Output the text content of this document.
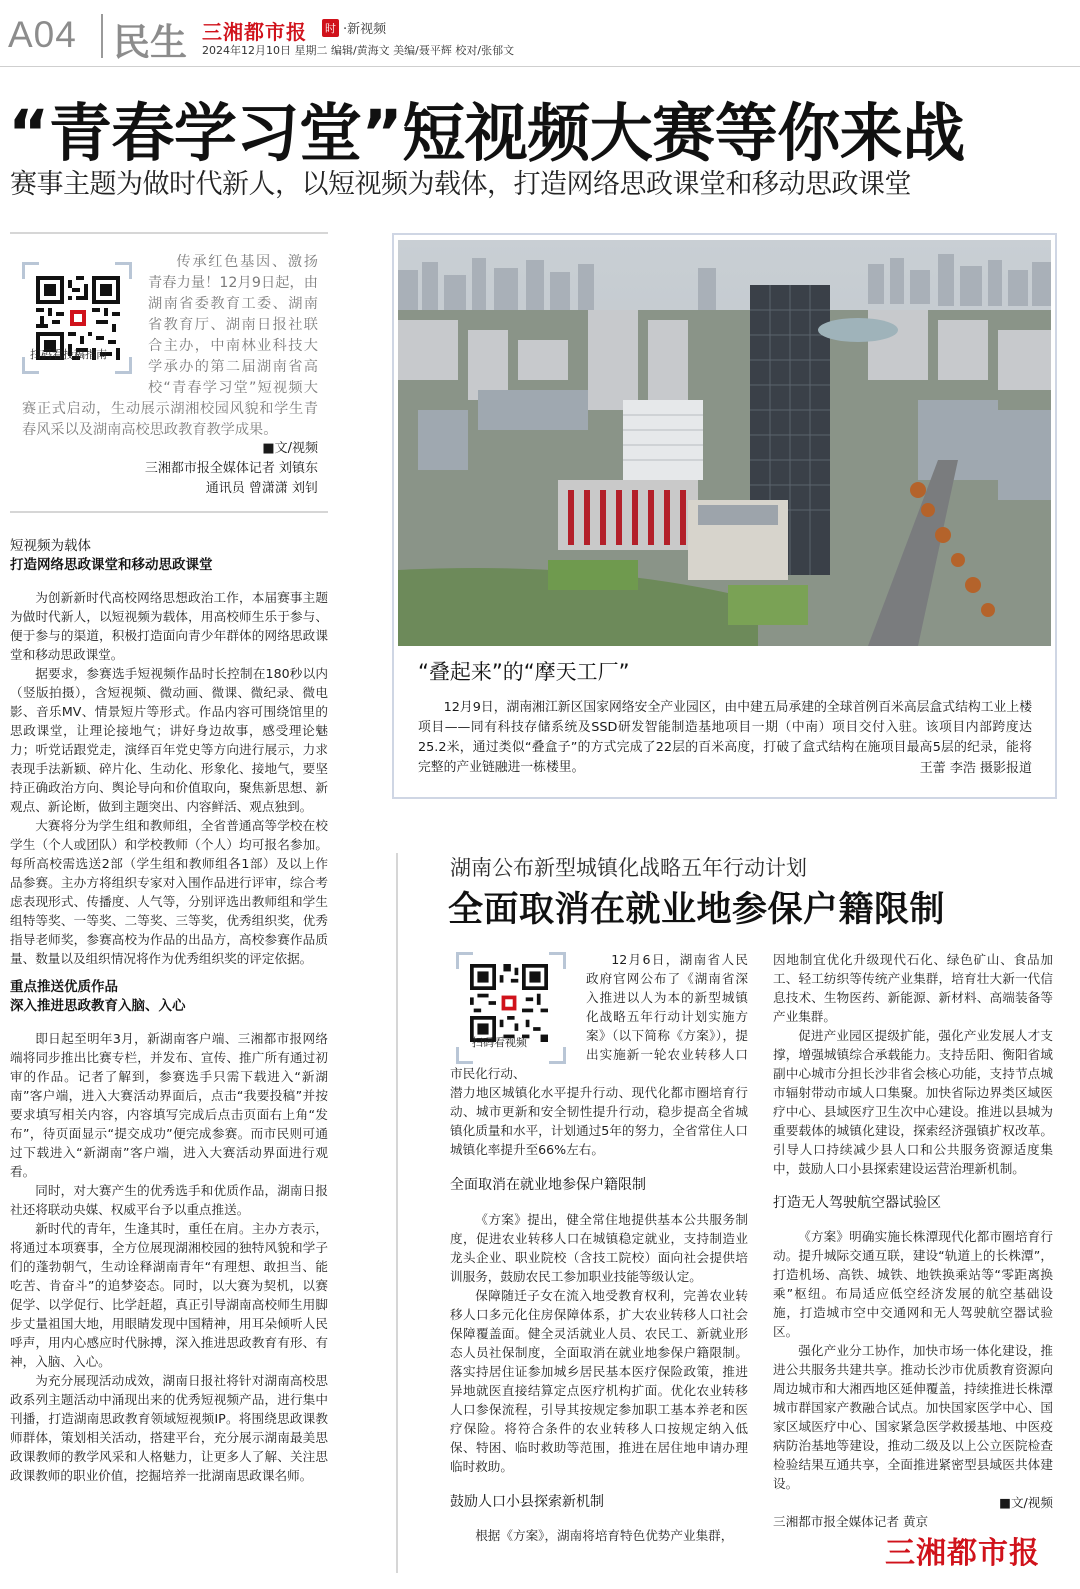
A04 民生 三湘都市报 时 ·新视频
2024年12月10日 星期二 编辑/黄海文 美编/聂平辉 校对/张郁文
“青春学习堂”短视频大赛等你来战
赛事主题为做时代新人，以短视频为载体，打造网络思政课堂和移动思政课堂
扫码看投稿指南
传承红色基因、激扬青春力量！12月9日起，由湖南省委教育工委、湖南省教育厅、湖南日报社联合主办，中南林业科技大学承办的第二届湖南省高校“青春学习堂”短视频大赛正式启动，生动展示湖湘校园风貌和学生青春风采以及湖南高校思政教育教学成果。
■文/视频
三湘都市报全媒体记者 刘镇东
通讯员 曾潇潇 刘钊
短视频为载体
打造网络思政课堂和移动思政课堂

为创新新时代高校网络思想政治工作，本届赛事主题为做时代新人，以短视频为载体，用高校师生乐于参与、便于参与的渠道，积极打造面向青少年群体的网络思政课堂和移动思政课堂。

据要求，参赛选手短视频作品时长控制在180秒以内（竖版拍摄），含短视频、微动画、微课、微纪录、微电影、音乐MV、情景短片等形式。作品内容可围绕馆里的思政课堂，让理论接地气；讲好身边故事，感受理论魅力；听党话跟党走，演绎百年党史等方向进行展示，力求表现手法新颖、碎片化、生动化、形象化、接地气，要坚持正确政治方向、舆论导向和价值取向，聚焦新思想、新观点、新论断，做到主题突出、内容鲜活、观点独到。

大赛将分为学生组和教师组，全省普通高等学校在校学生（个人或团队）和学校教师（个人）均可报名参加。每所高校需选送2部（学生组和教师组各1部）及以上作品参赛。主办方将组织专家对入围作品进行评审，综合考虑表现形式、传播度、人气等，分别评选出教师组和学生组特等奖、一等奖、二等奖、三等奖，优秀组织奖，优秀指导老师奖，参赛高校为作品的出品方，高校参赛作品质量、数量以及组织情况将作为优秀组织奖的评定依据。

重点推送优质作品
深入推进思政教育入脑、入心

即日起至明年3月，新湖南客户端、三湘都市报网络端将同步推出比赛专栏，并发布、宣传、推广所有通过初审的作品。记者了解到，参赛选手只需下载进入“新湖南”客户端，进入大赛活动界面后，点击“我要投稿”并按要求填写相关内容，内容填写完成后点击页面右上角“发布”，待页面显示“提交成功”便完成参赛。而市民则可通过下载进入“新湖南”客户端，进入大赛活动界面进行观看。

同时，对大赛产生的优秀选手和优质作品，湖南日报社还将联动央媒、权威平台予以重点推送。

新时代的青年，生逢其时，重任在肩。主办方表示，将通过本项赛事，全方位展现湖湘校园的独特风貌和学子们的蓬勃朝气，生动诠释湖南青年“有理想、敢担当、能吃苦、肯奋斗”的追梦姿态。同时，以大赛为契机，以赛促学、以学促行、比学赶超，真正引导湖南高校师生用脚步丈量祖国大地，用眼睛发现中国精神，用耳朵倾听人民呼声，用内心感应时代脉搏，深入推进思政教育有形、有神，入脑、入心。

为充分展现活动成效，湖南日报社将针对湖南高校思政系列主题活动中涌现出来的优秀短视频产品，进行集中刊播，打造湖南思政教育领域短视频IP。将围绕思政课教师群体，策划相关活动，搭建平台，充分展示湖南最美思政课教师的教学风采和人格魅力，让更多人了解、关注思政课教师的职业价值，挖掘培养一批湖南思政课名师。

“叠起来”的“摩天工厂”
12月9日，湖南湘江新区国家网络安全产业园区，由中建五局承建的全球首例百米高层盒式结构工业上楼项目——同有科技存储系统及SSD研发智能制造基地项目一期（中南）项目交付入驻。该项目内部跨度达25.2米，通过类似“叠盒子”的方式完成了22层的百米高度，打破了盒式结构在施项目最高5层的纪录，能将完整的产业链融进一栋楼里。	王蕾 李浩 摄影报道
湖南公布新型城镇化战略五年行动计划
全面取消在就业地参保户籍限制
扫码看视频

12月6日，湖南省人民政府官网公布了《湖南省深入推进以人为本的新型城镇化战略五年行动计划实施方案》（以下简称《方案》），提出实施新一轮农业转移人口市民化行动、

潜力地区城镇化水平提升行动、现代化都市圈培育行动、城市更新和安全韧性提升行动，稳步提高全省城镇化质量和水平，计划通过5年的努力，全省常住人口城镇化率提升至66%左右。

全面取消在就业地参保户籍限制

《方案》提出，健全常住地提供基本公共服务制度，促进农业转移人口在城镇稳定就业，支持制造业龙头企业、职业院校（含技工院校）面向社会提供培训服务，鼓励农民工参加职业技能等级认定。

保障随迁子女在流入地受教育权利，完善农业转移人口多元化住房保障体系，扩大农业转移人口社会保障覆盖面。健全灵活就业人员、农民工、新就业形态人员社保制度，全面取消在就业地参保户籍限制。落实持居住证参加城乡居民基本医疗保险政策，推进异地就医直接结算定点医疗机构扩面。优化农业转移人口参保流程，引导其按规定参加职工基本养老和医疗保险。将符合条件的农业转移人口按规定纳入低保、特困、临时救助等范围，推进在居住地申请办理临时救助。

鼓励人口小县探索新机制

根据《方案》，湖南将培育特色优势产业集群，

因地制宜优化升级现代石化、绿色矿山、食品加工、轻工纺织等传统产业集群，培育壮大新一代信息技术、生物医药、新能源、新材料、高端装备等产业集群。

促进产业园区提级扩能，强化产业发展人才支撑，增强城镇综合承载能力。支持岳阳、衡阳省域副中心城市分担长沙非省会核心功能，支持节点城市辐射带动市域人口集聚。加快省际边界类区域医疗中心、县域医疗卫生次中心建设。推进以县城为重要载体的城镇化建设，探索经济强镇扩权改革。引导人口持续减少县人口和公共服务资源适度集中，鼓励人口小县探索建设运营治理新机制。

打造无人驾驶航空器试验区

《方案》明确实施长株潭现代化都市圈培育行动。提升城际交通互联，建设“轨道上的长株潭”，打造机场、高铁、城铁、地铁换乘站等“零距离换乘”枢纽。布局适应低空经济发展的航空基础设施，打造城市空中交通网和无人驾驶航空器试验区。

强化产业分工协作，加快市场一体化建设，推进公共服务共建共享。推动长沙市优质教育资源向周边城市和大湘西地区延伸覆盖，持续推进长株潭城市群国家产教融合试点。加快国家医学中心、国家区域医疗中心、国家紧急医学救援基地、中医疫病防治基地等建设，推动二级及以上公立医院检查检验结果互通共享，全面推进紧密型县域医共体建设。

■文/视频
三湘都市报全媒体记者 黄京
三湘都市报
